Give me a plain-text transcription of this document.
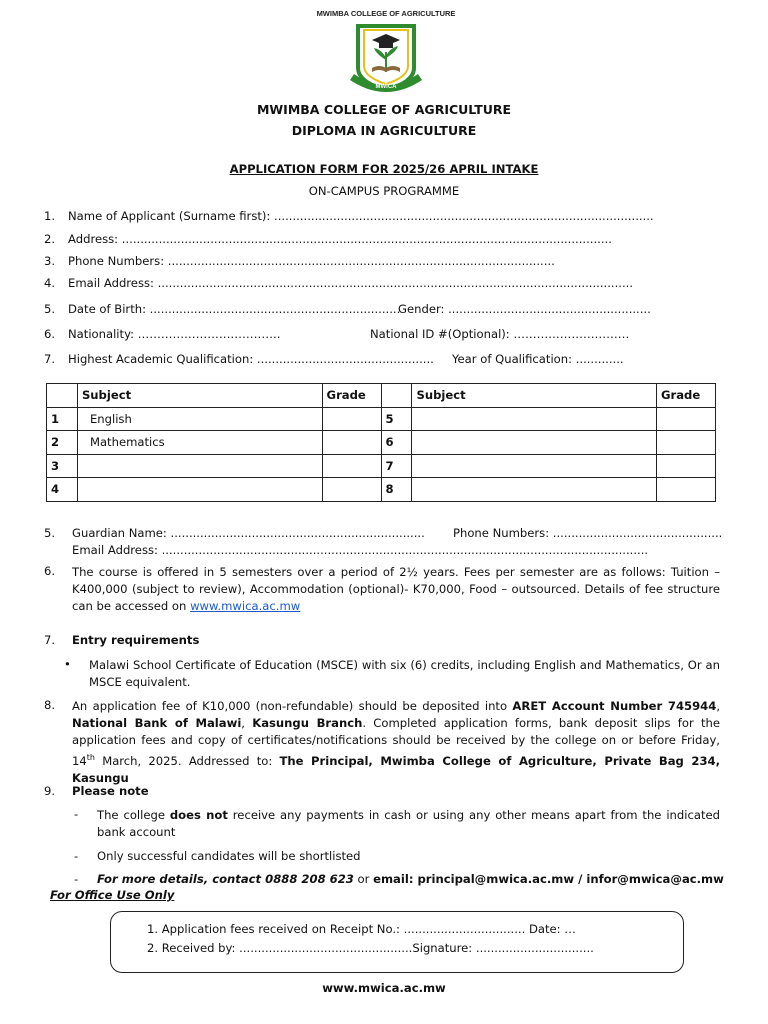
MWIMBA COLLEGE OF AGRICULTURE
MWICA
MWIMBA COLLEGE OF AGRICULTURE
DIPLOMA IN AGRICULTURE
APPLICATION FORM FOR 2025/26 APRIL INTAKE
ON-CAMPUS PROGRAMME
1. Name of Applicant (Surname first): .......................................................................................................
2. Address: .....................................................................................................................................
3. Phone Numbers: .........................................................................................................
4. Email Address: .................................................................................................................................
5. Date of Birth: ....................................................................
Gender: .......................................................
6. Nationality: ……………………………….	National ID #(Optional): …………………………
7. Highest Academic Qualification: ................................................ Year of Qualification: .............
	Subject	Grade		Subject	Grade
1	English		5		
2	Mathematics		6		
3			7		
4			8		
5. Guardian Name: ..................................................................... Phone Numbers: ..............................................
Email Address: ....................................................................................................................................
6. The course is offered in 5 semesters over a period of 2½ years. Fees per semester are as follows: Tuition – K400,000 (subject to review), Accommodation (optional)- K70,000, Food – outsourced. Details of fee structure can be accessed on www.mwica.ac.mw
7. Entry requirements
• Malawi School Certificate of Education (MSCE) with six (6) credits, including English and Mathematics, Or an MSCE equivalent.
8. An application fee of K10,000 (non-refundable) should be deposited into ARET Account Number 745944, National Bank of Malawi, Kasungu Branch. Completed application forms, bank deposit slips for the application fees and copy of certificates/notifications should be received by the college on or before Friday, 14th March, 2025. Addressed to: The Principal, Mwimba College of Agriculture, Private Bag 234, Kasungu
9. Please note
- The college does not receive any payments in cash or using any other means apart from the indicated bank account
- Only successful candidates will be shortlisted
- For more details, contact 0888 208 623 or email: principal@mwica.ac.mw / infor@mwica@ac.mw
For Office Use Only
1. Application fees received on Receipt No.: ................................. Date: …
2. Received by: ...............................................Signature: ................................
www.mwica.ac.mw
